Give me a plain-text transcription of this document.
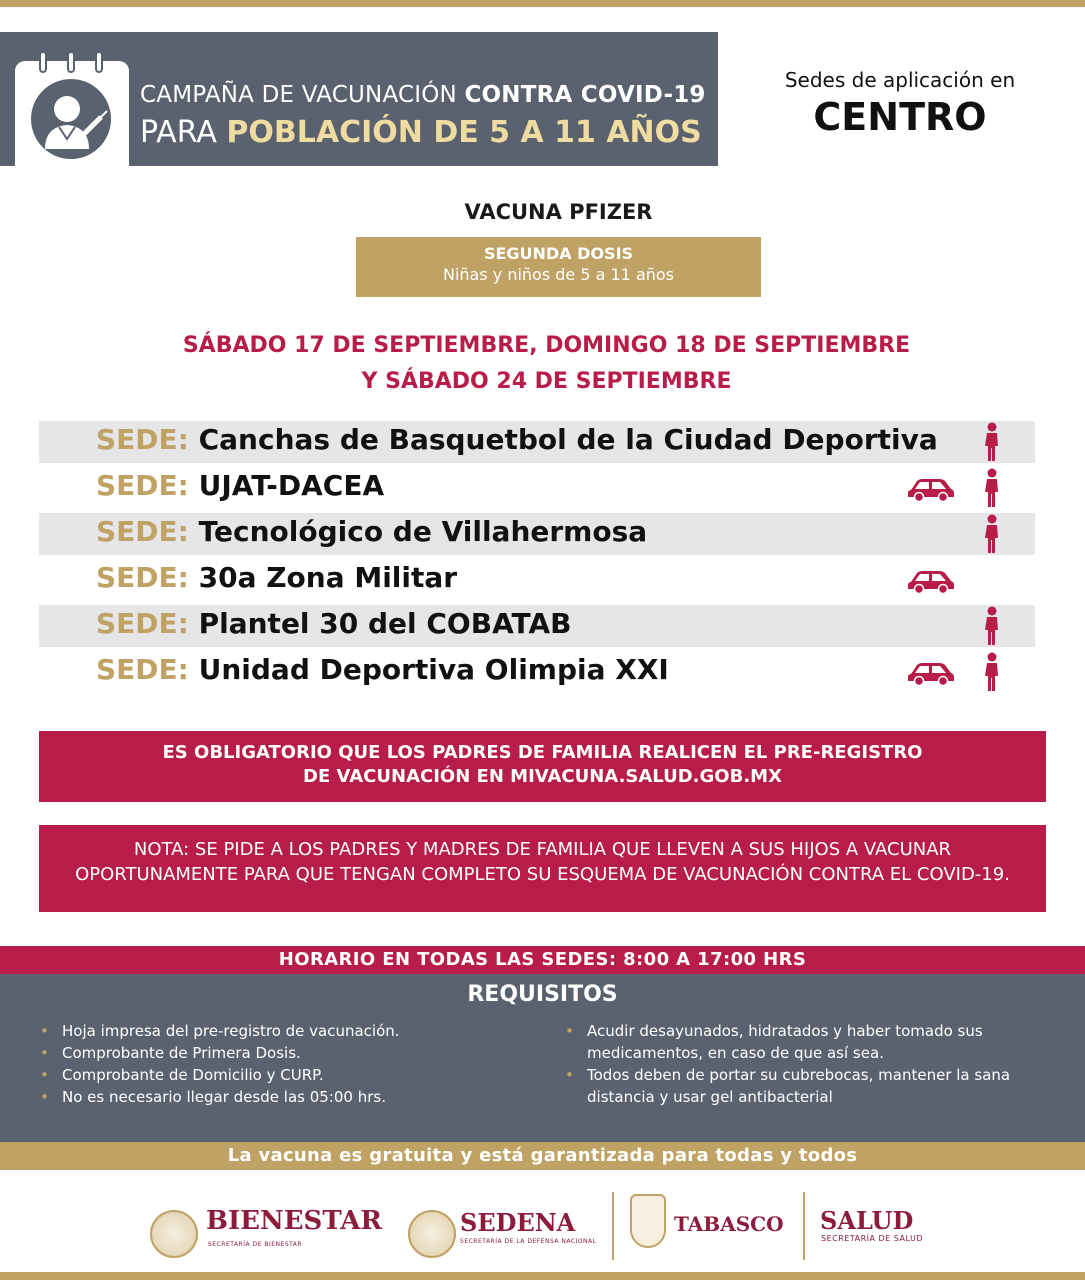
CAMPAÑA DE VACUNACIÓN CONTRA COVID-19
PARA POBLACIÓN DE 5 A 11 AÑOS
Sedes de aplicación en
CENTRO
VACUNA PFIZER
SEGUNDA DOSIS
Niñas y niños de 5 a 11 años
SÁBADO 17 DE SEPTIEMBRE, DOMINGO 18 DE SEPTIEMBRE
Y SÁBADO 24 DE SEPTIEMBRE
SEDE: Canchas de Basquetbol de la Ciudad Deportiva
SEDE: UJAT-DACEA
SEDE: Tecnológico de Villahermosa
SEDE: 30a Zona Militar
SEDE: Plantel 30 del COBATAB
SEDE: Unidad Deportiva Olimpia XXI
ES OBLIGATORIO QUE LOS PADRES DE FAMILIA REALICEN EL PRE-REGISTRO
DE VACUNACIÓN EN MIVACUNA.SALUD.GOB.MX
NOTA: SE PIDE A LOS PADRES Y MADRES DE FAMILIA QUE LLEVEN A SUS HIJOS A VACUNAR
OPORTUNAMENTE PARA QUE TENGAN COMPLETO SU ESQUEMA DE VACUNACIÓN CONTRA EL COVID-19.
HORARIO EN TODAS LAS SEDES: 8:00 A 17:00 HRS
REQUISITOS
• Hoja impresa del pre-registro de vacunación.
• Comprobante de Primera Dosis.
• Comprobante de Domicilio y CURP.
• No es necesario llegar desde las 05:00 hrs.
• Acudir desayunados, hidratados y haber tomado sus medicamentos, en caso de que así sea.
• Todos deben de portar su cubrebocas, mantener la sana distancia y usar gel antibacterial
La vacuna es gratuita y está garantizada para todas y todos
BIENESTAR
SECRETARÍA DE BIENESTAR
SEDENA
SECRETARÍA DE LA DEFENSA NACIONAL
TABASCO SALUD
SECRETARÍA DE SALUD
